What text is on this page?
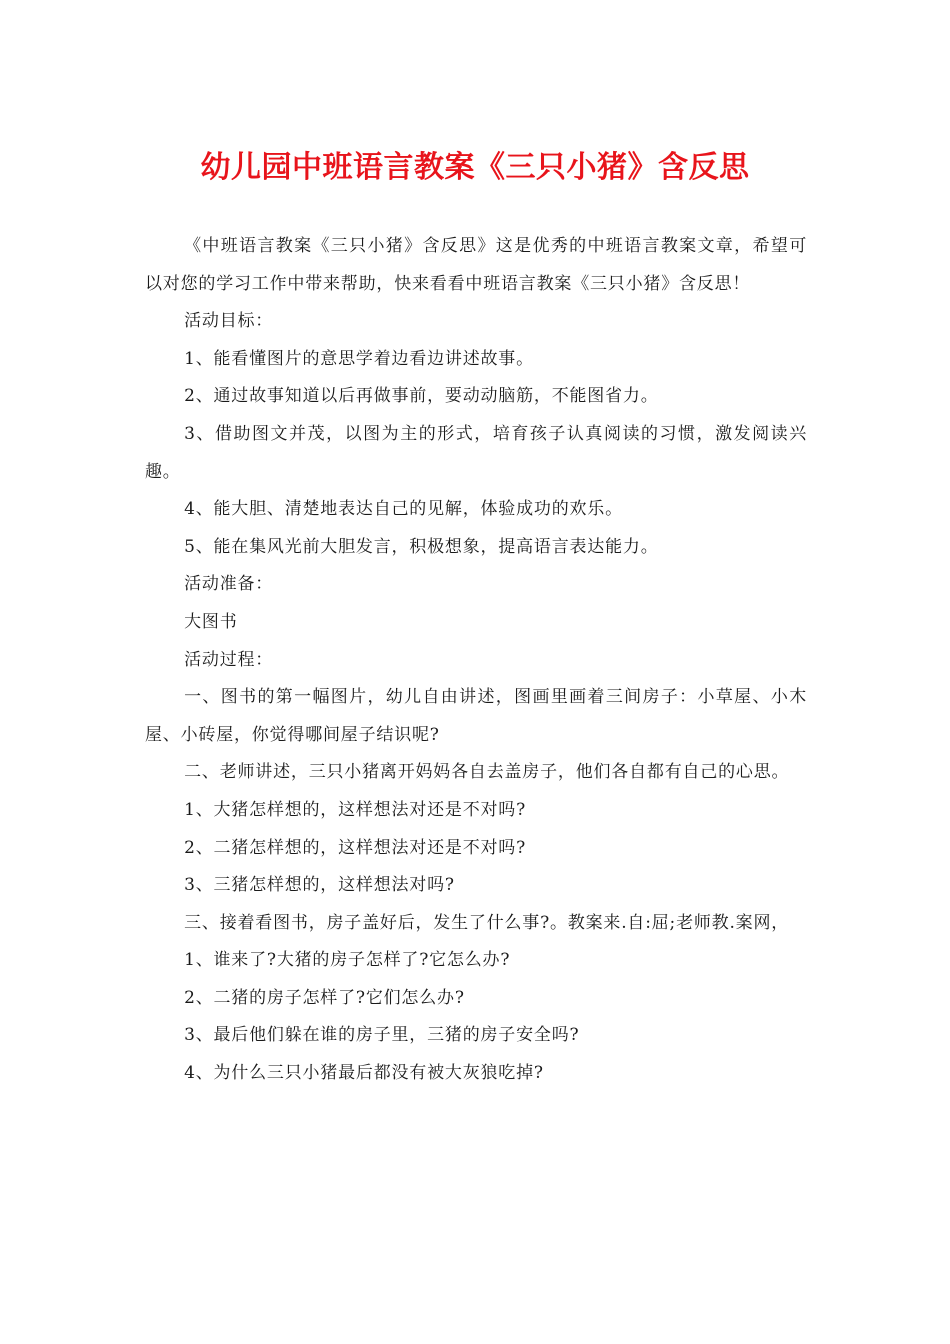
幼儿园中班语言教案《三只小猪》含反思

《中班语言教案《三只小猪》含反思》这是优秀的中班语言教案文章，希望可以对您的学习工作中带来帮助，快来看看中班语言教案《三只小猪》含反思！

活动目标：

1、能看懂图片的意思学着边看边讲述故事。

2、通过故事知道以后再做事前，要动动脑筋，不能图省力。

3、借助图文并茂，以图为主的形式，培育孩子认真阅读的习惯，激发阅读兴趣。

4、能大胆、清楚地表达自己的见解，体验成功的欢乐。

5、能在集风光前大胆发言，积极想象，提高语言表达能力。

活动准备：

大图书

活动过程：

一、图书的第一幅图片，幼儿自由讲述，图画里画着三间房子：小草屋、小木屋、小砖屋，你觉得哪间屋子结识呢?

二、老师讲述，三只小猪离开妈妈各自去盖房子，他们各自都有自己的心思。

1、大猪怎样想的，这样想法对还是不对吗?

2、二猪怎样想的，这样想法对还是不对吗?

3、三猪怎样想的，这样想法对吗?

三、接着看图书，房子盖好后，发生了什么事?。教案来.自:屈;老师教.案网，

1、谁来了?大猪的房子怎样了?它怎么办?

2、二猪的房子怎样了?它们怎么办?

3、最后他们躲在谁的房子里，三猪的房子安全吗?

4、为什么三只小猪最后都没有被大灰狼吃掉?
